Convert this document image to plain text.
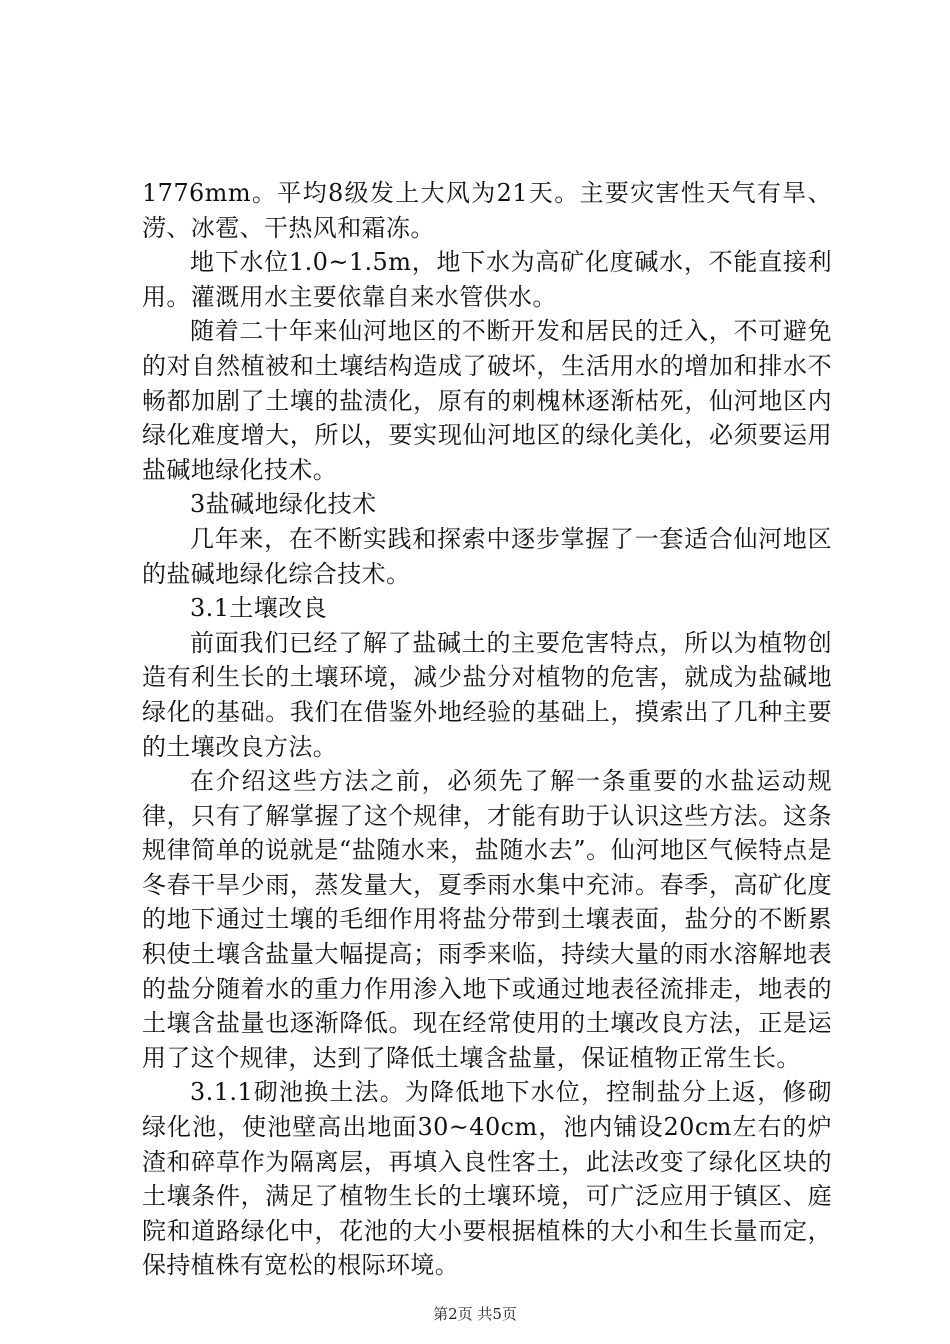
1776mm。平均8级发上大风为21天。主要灾害性天气有旱、涝、冰雹、干热风和霜冻。

地下水位1.0~1.5m，地下水为高矿化度碱水，不能直接利用。灌溉用水主要依靠自来水管供水。

随着二十年来仙河地区的不断开发和居民的迁入，不可避免的对自然植被和土壤结构造成了破坏，生活用水的增加和排水不畅都加剧了土壤的盐渍化，原有的刺槐林逐渐枯死，仙河地区内绿化难度增大，所以，要实现仙河地区的绿化美化，必须要运用盐碱地绿化技术。

3盐碱地绿化技术

几年来，在不断实践和探索中逐步掌握了一套适合仙河地区的盐碱地绿化综合技术。

3.1土壤改良

前面我们已经了解了盐碱土的主要危害特点，所以为植物创造有利生长的土壤环境，减少盐分对植物的危害，就成为盐碱地绿化的基础。我们在借鉴外地经验的基础上，摸索出了几种主要的土壤改良方法。

在介绍这些方法之前，必须先了解一条重要的水盐运动规律，只有了解掌握了这个规律，才能有助于认识这些方法。这条规律简单的说就是“盐随水来，盐随水去”。仙河地区气候特点是冬春干旱少雨，蒸发量大，夏季雨水集中充沛。春季，高矿化度的地下通过土壤的毛细作用将盐分带到土壤表面，盐分的不断累积使土壤含盐量大幅提高；雨季来临，持续大量的雨水溶解地表的盐分随着水的重力作用渗入地下或通过地表径流排走，地表的土壤含盐量也逐渐降低。现在经常使用的土壤改良方法，正是运用了这个规律，达到了降低土壤含盐量，保证植物正常生长。

3.1.1砌池换土法。为降低地下水位，控制盐分上返，修砌绿化池，使池壁高出地面30~40cm，池内铺设20cm左右的炉渣和碎草作为隔离层，再填入良性客土，此法改变了绿化区块的土壤条件，满足了植物生长的土壤环境，可广泛应用于镇区、庭院和道路绿化中，花池的大小要根据植株的大小和生长量而定，保持植株有宽松的根际环境。

第2页 共5页
